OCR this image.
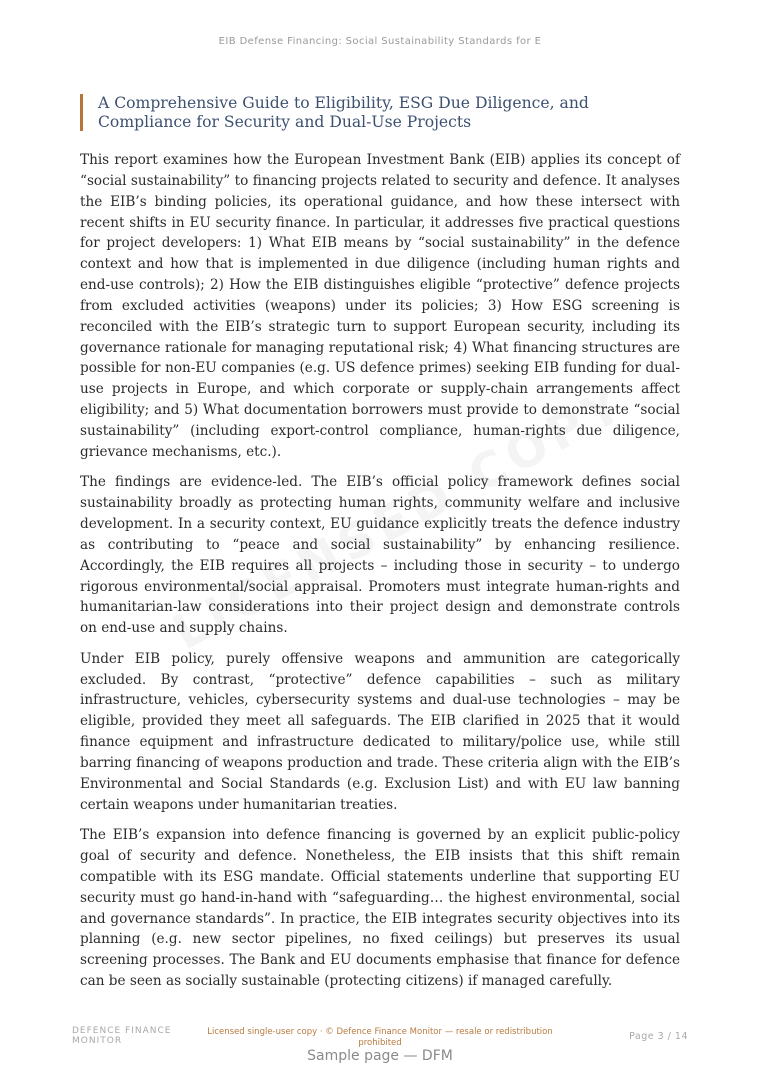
EIB Defense Financing: Social Sustainability Standards for E
A Comprehensive Guide to Eligibility, ESG Due Diligence, and Compliance for Security and Dual-Use Projects

This report examines how the European Investment Bank (EIB) applies its concept of “social sustainability” to financing projects related to security and defence. It analyses the EIB’s binding policies, its operational guidance, and how these intersect with recent shifts in EU security finance. In particular, it addresses five practical questions for project developers: 1) What EIB means by “social sustainability” in the defence context and how that is implemented in due diligence (including human rights and end-use controls); 2) How the EIB distinguishes eligible “protective” defence projects from excluded activities (weapons) under its policies; 3) How ESG screening is reconciled with the EIB’s strategic turn to support European security, including its governance rationale for managing reputational risk; 4) What financing structures are possible for non-EU companies (e.g. US defence primes) seeking EIB funding for dualuse projects in Europe, and which corporate or supply-chain arrangements affect eligibility; and 5) What documentation borrowers must provide to demonstrate “social sustainability” (including export-control compliance, human-rights due diligence, grievance mechanisms, etc.).

The findings are evidence-led. The EIB’s official policy framework defines social sustainability broadly as protecting human rights, community welfare and inclusive development. In a security context, EU guidance explicitly treats the defence industry as contributing to “peace and social sustainability” by enhancing resilience. Accordingly, the EIB requires all projects – including those in security – to undergo rigorous environmental/social appraisal. Promoters must integrate human-rights and humanitarian-law considerations into their project design and demonstrate controls on end-use and supply chains.

Under EIB policy, purely offensive weapons and ammunition are categorically excluded. By contrast, “protective” defence capabilities – such as military infrastructure, vehicles, cybersecurity systems and dual-use technologies – may be eligible, provided they meet all safeguards. The EIB clarified in 2025 that it would finance equipment and infrastructure dedicated to military/police use, while still barring financing of weapons production and trade. These criteria align with the EIB’s Environmental and Social Standards (e.g. Exclusion List) and with EU law banning certain weapons under humanitarian treaties.

The EIB’s expansion into defence financing is governed by an explicit public-policy goal of security and defence. Nonetheless, the EIB insists that this shift remain compatible with its ESG mandate. Official statements underline that supporting EU security must go hand-in-hand with “safeguarding… the highest environmental, social and governance standards”. In practice, the EIB integrates security objectives into its planning (e.g. new sector pipelines, no fixed ceilings) but preserves its usual screening processes. The Bank and EU documents emphasise that finance for defence can be seen as socially sustainable (protecting citizens) if managed carefully.

DEFENCE FINANCE
MONITOR
Licensed single-user copy · © Defence Finance Monitor — resale or redistribution prohibited
Page 3 / 14
Sample page — DFM
